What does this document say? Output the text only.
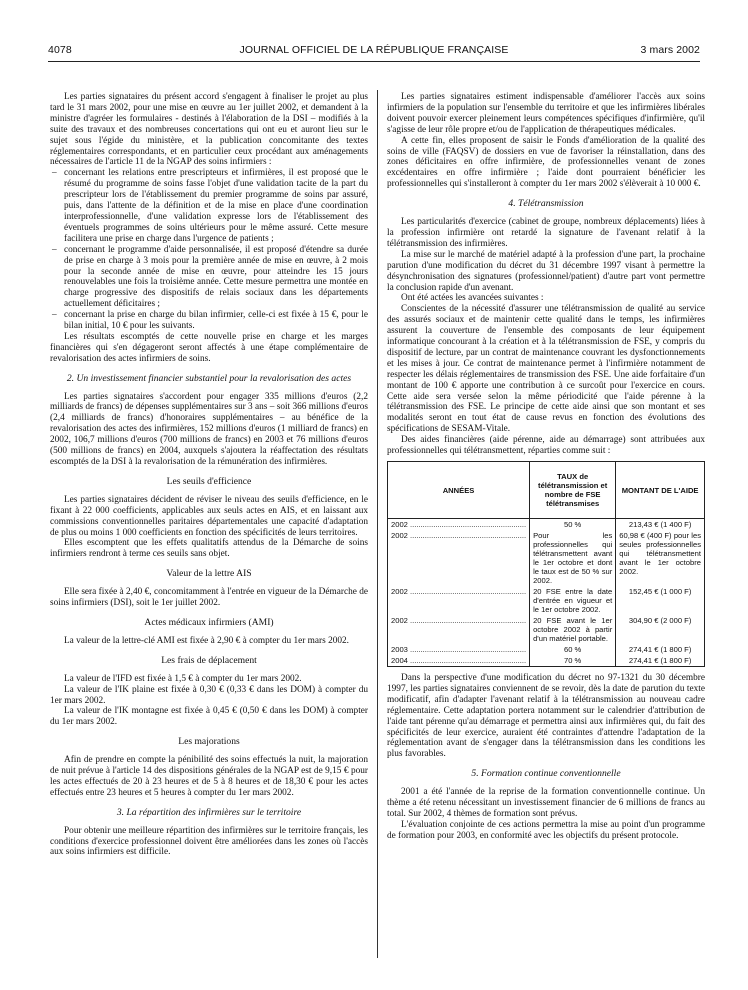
4078	JOURNAL OFFICIEL DE LA RÉPUBLIQUE FRANÇAISE	3 mars 2002

Les parties signataires du présent accord s'engagent à finaliser le projet au plus tard le 31 mars 2002, pour une mise en œuvre au 1er juillet 2002, et demandent à la ministre d'agréer les formulaires - destinés à l'élaboration de la DSI – modifiés à la suite des travaux et des nombreuses concertations qui ont eu et auront lieu sur le sujet sous l'égide du ministère, et la publication concomitante des textes réglementaires correspondants, et en particulier ceux procédant aux aménagements nécessaires de l'article 11 de la NGAP des soins infirmiers :

– concernant les relations entre prescripteurs et infirmières, il est proposé que le résumé du programme de soins fasse l'objet d'une validation tacite de la part du prescripteur lors de l'établissement du premier programme de soins par assuré, puis, dans l'attente de la définition et de la mise en place d'une coordination interprofessionnelle, d'une validation expresse lors de l'établissement des éventuels programmes de soins ultérieurs pour le même assuré. Cette mesure facilitera une prise en charge dans l'urgence de patients ;
– concernant le programme d'aide personnalisée, il est proposé d'étendre sa durée de prise en charge à 3 mois pour la première année de mise en œuvre, à 2 mois pour la seconde année de mise en œuvre, pour atteindre les 15 jours renouvelables une fois la troisième année. Cette mesure permettra une montée en charge progressive des dispositifs de relais sociaux dans les départements actuellement déficitaires ;
– concernant la prise en charge du bilan infirmier, celle-ci est fixée à 15 €, pour le bilan initial, 10 € pour les suivants.

Les résultats escomptés de cette nouvelle prise en charge et les marges financières qui s'en dégageront seront affectés à une étape complémentaire de revalorisation des actes infirmiers de soins.

2. Un investissement financier substantiel pour la revalorisation des actes

Les parties signataires s'accordent pour engager 335 millions d'euros (2,2 milliards de francs) de dépenses supplémentaires sur 3 ans – soit 366 millions d'euros (2,4 milliards de francs) d'honoraires supplémentaires – au bénéfice de la revalorisation des actes des infirmières, 152 millions d'euros (1 milliard de francs) en 2002, 106,7 millions d'euros (700 millions de francs) en 2003 et 76 millions d'euros (500 millions de francs) en 2004, auxquels s'ajoutera la réaffectation des résultats escomptés de la DSI à la revalorisation de la rémunération des infirmières.

Les seuils d'efficience

Les parties signataires décident de réviser le niveau des seuils d'efficience, en le fixant à 22 000 coefficients, applicables aux seuls actes en AIS, et en laissant aux commissions conventionnelles paritaires départementales une capacité d'adaptation de plus ou moins 1 000 coefficients en fonction des spécificités de leurs territoires.

Elles escomptent que les effets qualitatifs attendus de la Démarche de soins infirmiers rendront à terme ces seuils sans objet.

Valeur de la lettre AIS

Elle sera fixée à 2,40 €, concomitamment à l'entrée en vigueur de la Démarche de soins infirmiers (DSI), soit le 1er juillet 2002.

Actes médicaux infirmiers (AMI)

La valeur de la lettre-clé AMI est fixée à 2,90 € à compter du 1er mars 2002.

Les frais de déplacement

La valeur de l'IFD est fixée à 1,5 € à compter du 1er mars 2002.

La valeur de l'IK plaine est fixée à 0,30 € (0,33 € dans les DOM) à compter du 1er mars 2002.

La valeur de l'IK montagne est fixée à 0,45 € (0,50 € dans les DOM) à compter du 1er mars 2002.

Les majorations

Afin de prendre en compte la pénibilité des soins effectués la nuit, la majoration de nuit prévue à l'article 14 des dispositions générales de la NGAP est de 9,15 € pour les actes effectués de 20 à 23 heures et de 5 à 8 heures et de 18,30 € pour les actes effectués entre 23 heures et 5 heures à compter du 1er mars 2002.

3. La répartition des infirmières sur le territoire

Pour obtenir une meilleure répartition des infirmières sur le territoire français, les conditions d'exercice professionnel doivent être améliorées dans les zones où l'accès aux soins infirmiers est difficile.

Les parties signataires estiment indispensable d'améliorer l'accès aux soins infirmiers de la population sur l'ensemble du territoire et que les infirmières libérales doivent pouvoir exercer pleinement leurs compétences spécifiques d'infirmière, qu'il s'agisse de leur rôle propre et/ou de l'application de thérapeutiques médicales.

A cette fin, elles proposent de saisir le Fonds d'amélioration de la qualité des soins de ville (FAQSV) de dossiers en vue de favoriser la réinstallation, dans des zones déficitaires en offre infirmière, de professionnelles venant de zones excédentaires en offre infirmière ; l'aide dont pourraient bénéficier les professionnelles qui s'installeront à compter du 1er mars 2002 s'élèverait à 10 000 €.

4. Télétransmission

Les particularités d'exercice (cabinet de groupe, nombreux déplacements) liées à la profession infirmière ont retardé la signature de l'avenant relatif à la télétransmission des infirmières.

La mise sur le marché de matériel adapté à la profession d'une part, la prochaine parution d'une modification du décret du 31 décembre 1997 visant à permettre la désynchronisation des signatures (professionnel/patient) d'autre part vont permettre la conclusion rapide d'un avenant.

Ont été actées les avancées suivantes :

Conscientes de la nécessité d'assurer une télétransmission de qualité au service des assurés sociaux et de maintenir cette qualité dans le temps, les infirmières assurent la couverture de l'ensemble des composants de leur équipement informatique concourant à la création et à la télétransmission de FSE, y compris du dispositif de lecture, par un contrat de maintenance couvrant les dysfonctionnements et les mises à jour. Ce contrat de maintenance permet à l'infirmière notamment de respecter les délais réglementaires de transmission des FSE. Une aide forfaitaire d'un montant de 100 € apporte une contribution à ce surcoût pour l'exercice en cours. Cette aide sera versée selon la même périodicité que l'aide pérenne à la télétransmission des FSE. Le principe de cette aide ainsi que son montant et ses modalités seront en tout état de cause revus en fonction des évolutions des spécifications de SESAM-Vitale.

Des aides financières (aide pérenne, aide au démarrage) sont attribuées aux professionnelles qui télétransmettent, réparties comme suit :

ANNÉES	TAUX de télétransmission et nombre de FSE télétransmises	MONTANT DE L'AIDE

2002 .....	50 %	213,43 € (1 400 F)

2002 .....	Pour les professionnelles qui télétransmettent avant le 1er octobre et dont le taux est de 50 % sur 2002.	60,98 € (400 F) pour les seules professionnelles qui télétransmettent avant le 1er octobre 2002.

2002 .....	20 FSE entre la date d'entrée en vigueur et le 1er octobre 2002.	152,45 € (1 000 F)

2002 .....	20 FSE avant le 1er octobre 2002 à partir d'un matériel portable.	304,90 € (2 000 F)

2003 .....	60 %	274,41 € (1 800 F)

2004 .....	70 %	274,41 € (1 800 F)

Dans la perspective d'une modification du décret no 97-1321 du 30 décembre 1997, les parties signataires conviennent de se revoir, dès la date de parution du texte modificatif, afin d'adapter l'avenant relatif à la télétransmission au nouveau cadre réglementaire. Cette adaptation portera notamment sur le calendrier d'attribution de l'aide tant pérenne qu'au démarrage et permettra ainsi aux infirmières qui, du fait des spécificités de leur exercice, auraient été contraintes d'attendre l'adaptation de la réglementation avant de s'engager dans la télétransmission dans les conditions les plus favorables.

5. Formation continue conventionnelle

2001 a été l'année de la reprise de la formation conventionnelle continue. Un thème a été retenu nécessitant un investissement financier de 6 millions de francs au total. Sur 2002, 4 thèmes de formation sont prévus.

L'évaluation conjointe de ces actions permettra la mise au point d'un programme de formation pour 2003, en conformité avec les objectifs du présent protocole.
